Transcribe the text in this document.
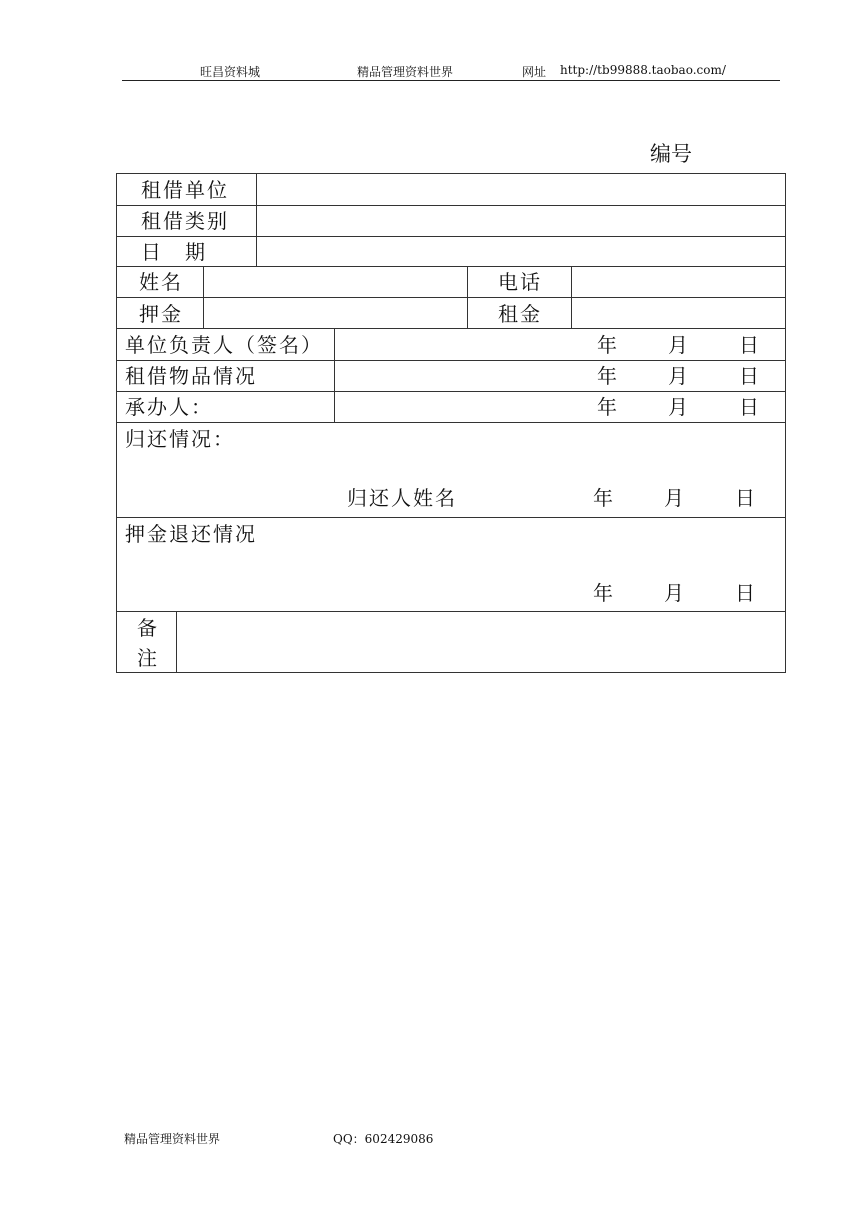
旺昌资料城	精品管理资料世界	网址 http://tb99888.taobao.com/
编号
租借单位
租借类别
日　期
姓名	电话
押金	租金
单位负责人（签名）	年	月	日
租借物品情况	年	月	日
承办人：	年	月	日
归还情况：
归还人姓名	年	月	日
押金退还情况
年	月	日
备
注
精品管理资料世界	QQ：602429086
